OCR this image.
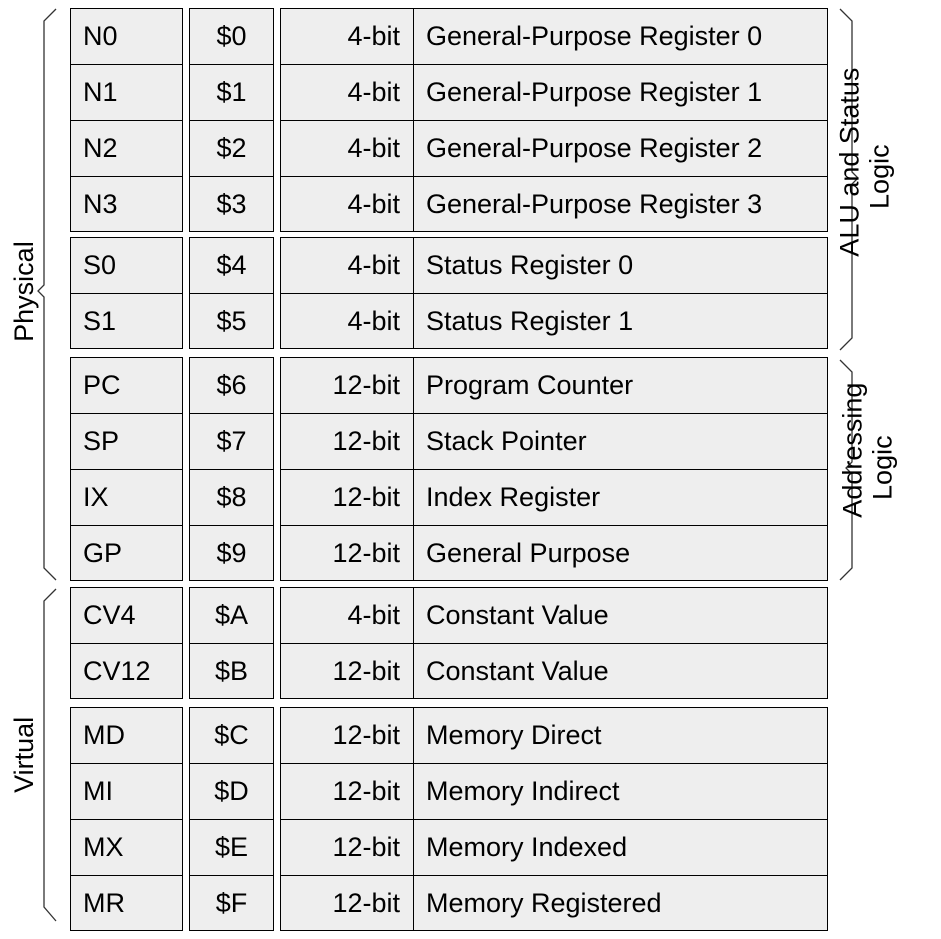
Physical
Virtual
ALU and Status Logic
Addressing Logic
N0	$0	4-bit General-Purpose Register 0
N1	$1	4-bit General-Purpose Register 1
N2	$2	4-bit General-Purpose Register 2
N3	$3	4-bit General-Purpose Register 3
S0	$4	4-bit Status Register 0
S1	$5	4-bit Status Register 1
PC	$6	12-bit Program Counter
SP	$7	12-bit Stack Pointer
IX	$8	12-bit Index Register
GP	$9	12-bit General Purpose
CV4	$A	4-bit Constant Value
CV12	$B	12-bit Constant Value
MD	$C	12-bit Memory Direct
MI	$D	12-bit Memory Indirect
MX	$E	12-bit Memory Indexed
MR	$F	12-bit Memory Registered
